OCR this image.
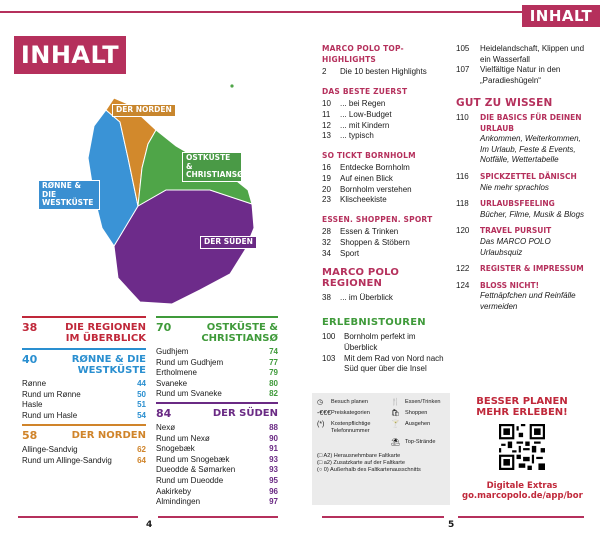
INHALT
INHALT
DER NORDEN
OSTKÜSTE & CHRISTIANSØ
RØNNE & DIE WESTKÜSTE
DER SÜDEN
38	DIE REGIONEN IM ÜBERBLICK
40	RØNNE & DIE WESTKÜSTE
Rønne	44
Rund um Rønne	50
Hasle	51
Rund um Hasle	54
58	DER NORDEN
Allinge-Sandvig	62
Rund um Allinge-Sandvig	64
70	OSTKÜSTE & CHRISTIANSØ
Gudhjem	74
Rund um Gudhjem	77
Ertholmene	79
Svaneke	80
Rund um Svaneke	82
84	DER SÜDEN
Nexø	88
Rund um Nexø	90
Snogebæk	91
Rund um Snogebæk	93
Dueodde & Sømarken	93
Rund um Dueodde	95
Aakirkeby	96
Almindingen	97
MARCO POLO TOP-HIGHLIGHTS
2	Die 10 besten Highlights
DAS BESTE ZUERST
10	... bei Regen
11	... Low-Budget
12	... mit Kindern
13	... typisch
SO TICKT BORNHOLM
16	Entdecke Bornholm
19	Auf einen Blick
20	Bornholm verstehen
23	Klischeekiste
ESSEN. SHOPPEN. SPORT
28	Essen & Trinken
32	Shoppen & Stöbern
34	Sport
MARCO POLO REGIONEN
38	... im Überblick
ERLEBNISTOUREN
100	Bornholm perfekt im Überblick
103	Mit dem Rad von Nord nach Süd quer über die Insel
105	Heidelandschaft, Klippen und ein Wasserfall
107	Vielfältige Natur in den „Paradieshügeln“
GUT ZU WISSEN
110	DIE BASICS FÜR DEINEN URLAUB
Ankommen, Weiterkommen, Im Urlaub, Feste & Events, Notfälle, Wettertabelle
116	SPICKZETTEL DÄNISCH
Nie mehr sprachlos
118	URLAUBSFEELING
Bücher, Filme, Musik & Blogs
120	TRAVEL PURSUIT
Das MARCO POLO Urlaubsquiz
122	REGISTER & IMPRESSUM
124	BLOSS NICHT!
Fettnäpfchen und Reinfälle vermeiden
◷	Besuch planen	🍴 Essen/Trinken
-€€€ Preiskategorien	🛍 Shoppen
(*)	Kostenpflichtige Telefonnummer
🍸 Ausgehen
⛱ Top-Strände
(□ A2) Herausnehmbare Faltkarte
(□ a2) Zusatzkarte auf der Faltkarte
(○ 0) Außerhalb des Faltkartenausschnitts
BESSER PLANEN MEHR ERLEBEN!
Digitale Extras
go.marcopolo.de/app/bor
4	5
